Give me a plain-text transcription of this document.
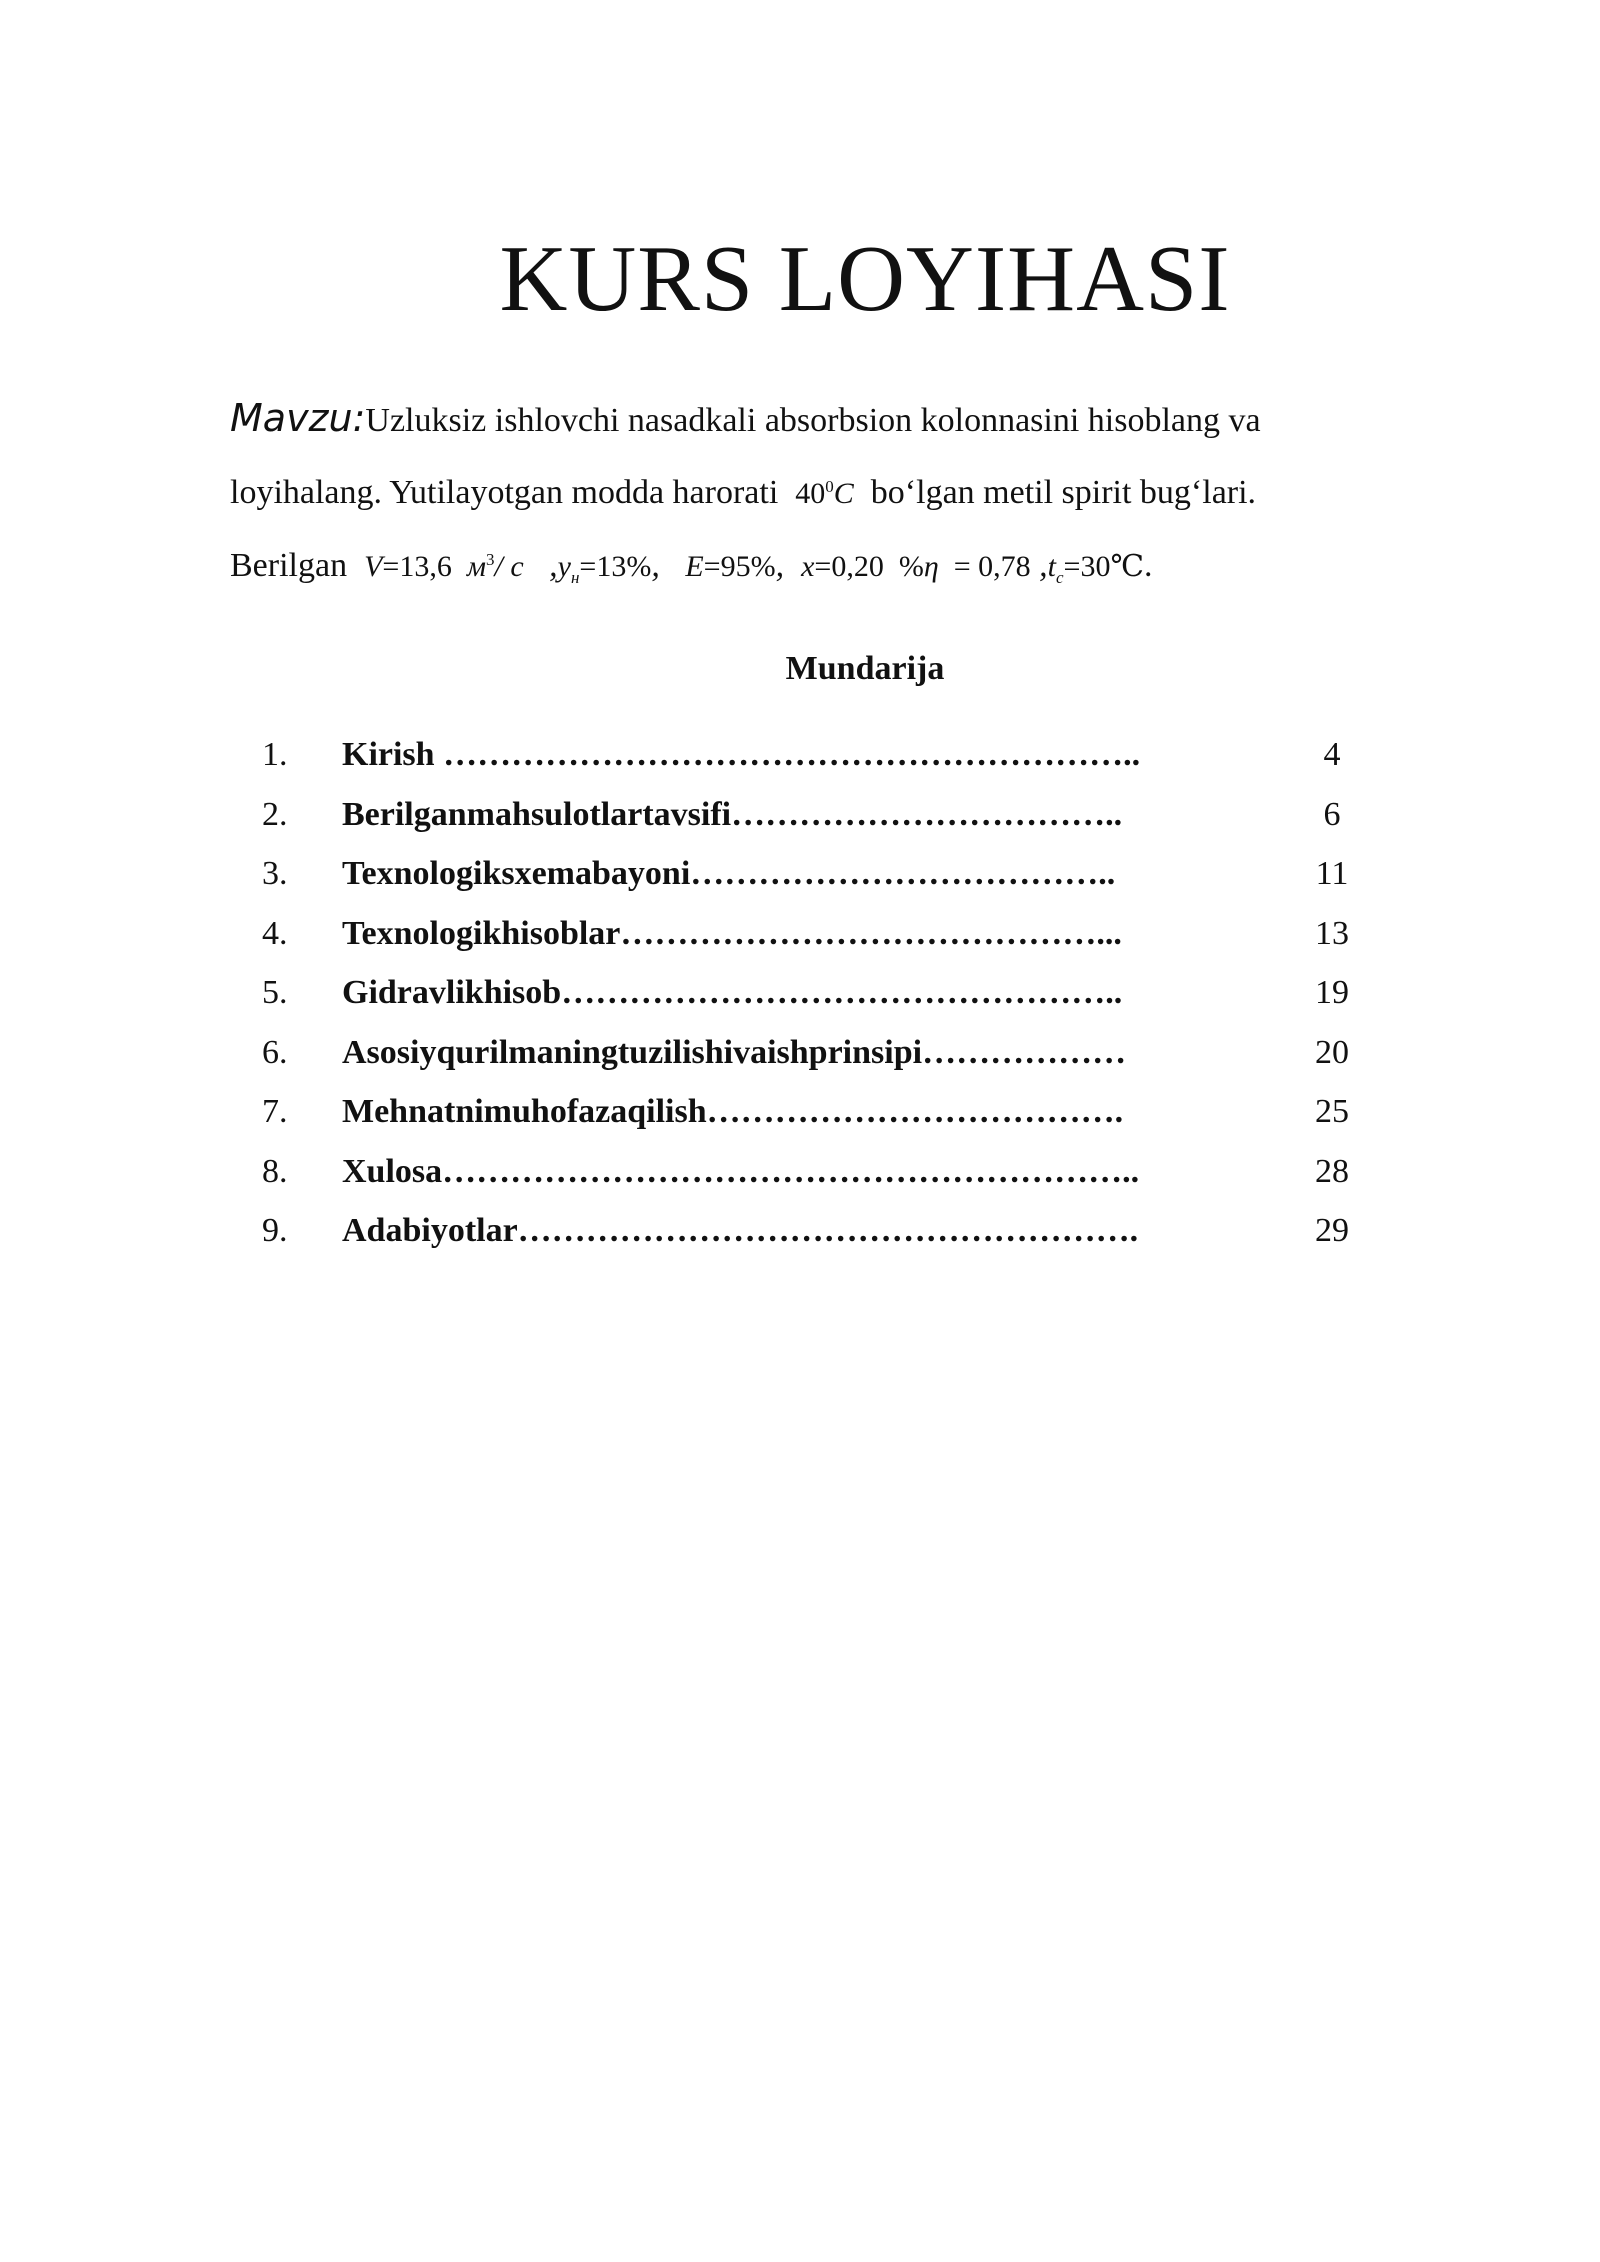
KURS LOYIHASI

Mavzu:Uzluksiz ishlovchi nasadkali absorbsion kolonnasini hisoblang va

loyihalang. Yutilayotgan modda harorati $40^0C$ bo‘lgan metil spirit bug‘lari.

Berilgan V=13,6 $м^3/$ с $,y_н=13\%$, E=95%, x=0,20 %η = 0,78 $,t_c=30℃$.

Mundarija
1.	Kirish ……………………………………………………..	4
2.	Berilganmahsulotlartavsifi……………………………..	6
3.	Texnologiksxemabayoni………………………………..	11
4.	Texnologikhisoblar……………………………………...	13
5.	Gidravlikhisob…………………………………………..	19
6.	Asosiyqurilmaningtuzilishivaishprinsipi………………	20
7.	Mehnatnimuhofazaqilish……………………………….	25
8.	Xulosa……………………………………………………..	28
9.	Adabiyotlar……………………………………………….	29
